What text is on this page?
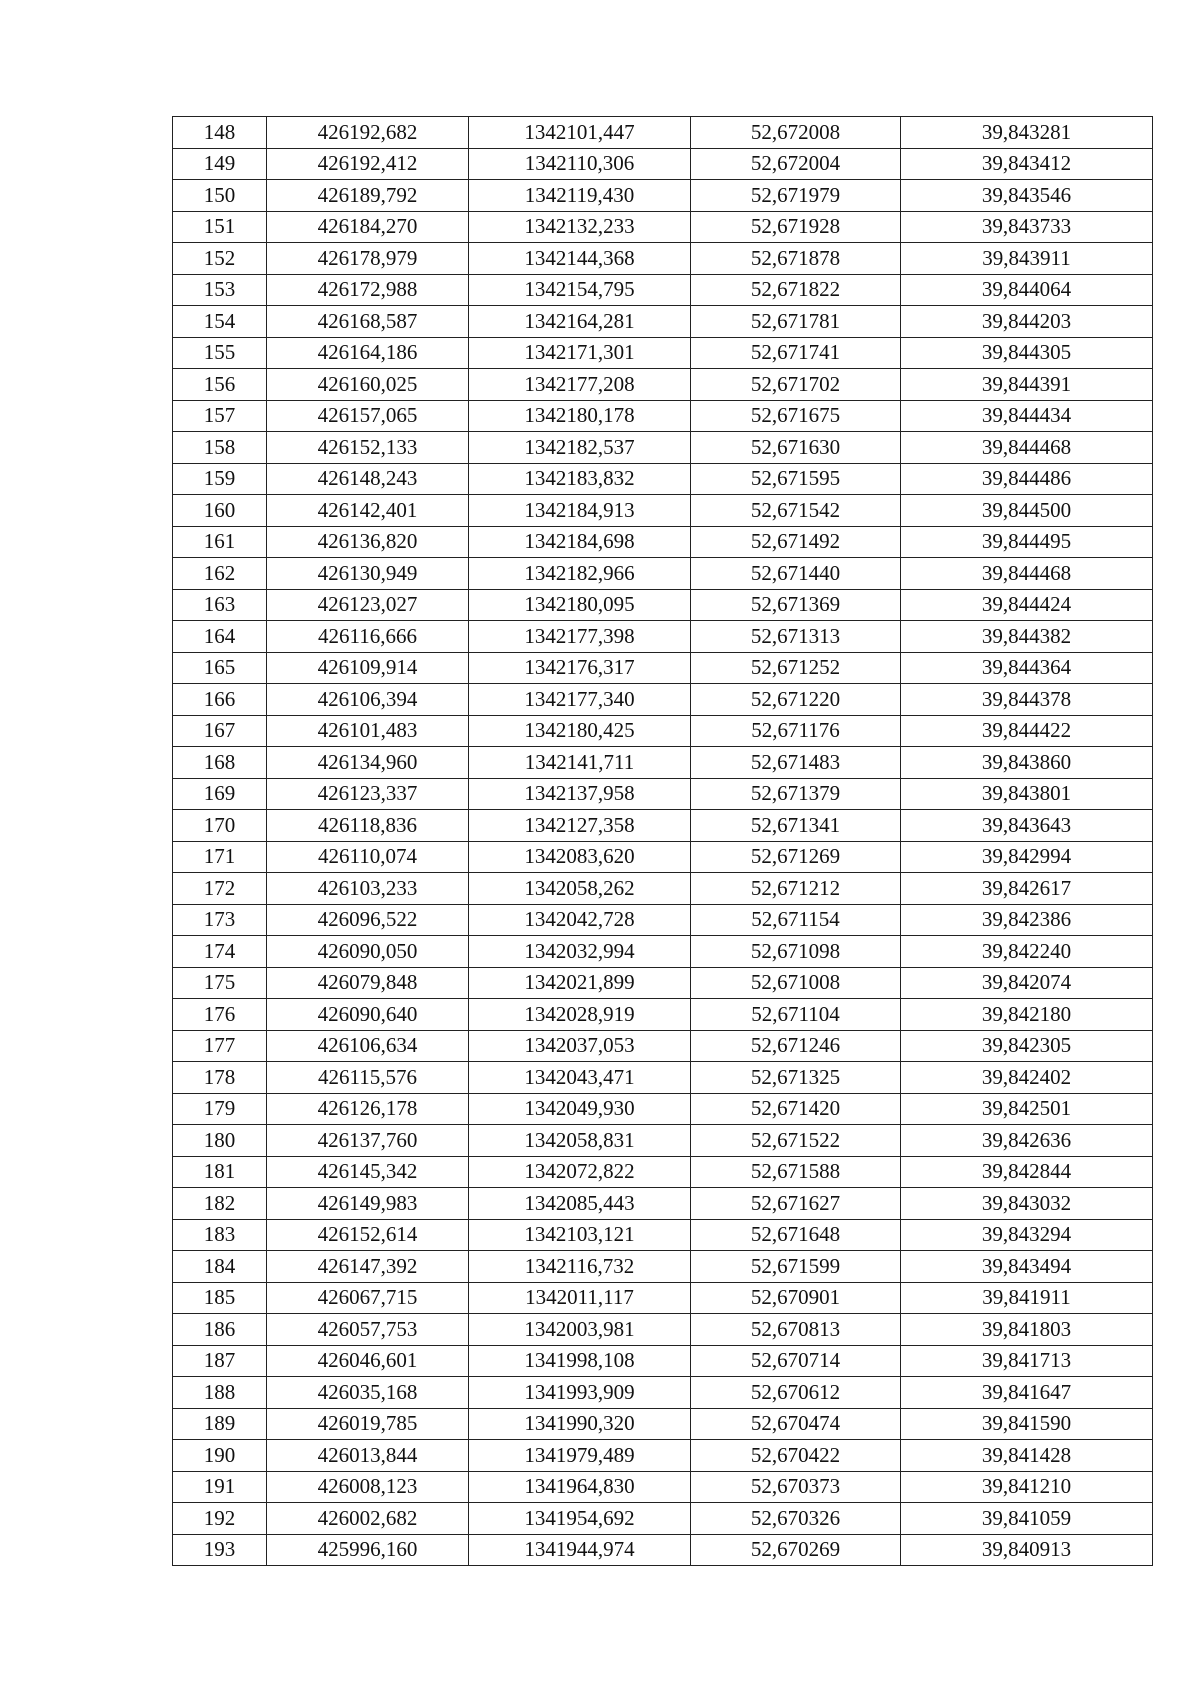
148	426192,682	1342101,447	52,672008	39,843281
149	426192,412	1342110,306	52,672004	39,843412
150	426189,792	1342119,430	52,671979	39,843546
151	426184,270	1342132,233	52,671928	39,843733
152	426178,979	1342144,368	52,671878	39,843911
153	426172,988	1342154,795	52,671822	39,844064
154	426168,587	1342164,281	52,671781	39,844203
155	426164,186	1342171,301	52,671741	39,844305
156	426160,025	1342177,208	52,671702	39,844391
157	426157,065	1342180,178	52,671675	39,844434
158	426152,133	1342182,537	52,671630	39,844468
159	426148,243	1342183,832	52,671595	39,844486
160	426142,401	1342184,913	52,671542	39,844500
161	426136,820	1342184,698	52,671492	39,844495
162	426130,949	1342182,966	52,671440	39,844468
163	426123,027	1342180,095	52,671369	39,844424
164	426116,666	1342177,398	52,671313	39,844382
165	426109,914	1342176,317	52,671252	39,844364
166	426106,394	1342177,340	52,671220	39,844378
167	426101,483	1342180,425	52,671176	39,844422
168	426134,960	1342141,711	52,671483	39,843860
169	426123,337	1342137,958	52,671379	39,843801
170	426118,836	1342127,358	52,671341	39,843643
171	426110,074	1342083,620	52,671269	39,842994
172	426103,233	1342058,262	52,671212	39,842617
173	426096,522	1342042,728	52,671154	39,842386
174	426090,050	1342032,994	52,671098	39,842240
175	426079,848	1342021,899	52,671008	39,842074
176	426090,640	1342028,919	52,671104	39,842180
177	426106,634	1342037,053	52,671246	39,842305
178	426115,576	1342043,471	52,671325	39,842402
179	426126,178	1342049,930	52,671420	39,842501
180	426137,760	1342058,831	52,671522	39,842636
181	426145,342	1342072,822	52,671588	39,842844
182	426149,983	1342085,443	52,671627	39,843032
183	426152,614	1342103,121	52,671648	39,843294
184	426147,392	1342116,732	52,671599	39,843494
185	426067,715	1342011,117	52,670901	39,841911
186	426057,753	1342003,981	52,670813	39,841803
187	426046,601	1341998,108	52,670714	39,841713
188	426035,168	1341993,909	52,670612	39,841647
189	426019,785	1341990,320	52,670474	39,841590
190	426013,844	1341979,489	52,670422	39,841428
191	426008,123	1341964,830	52,670373	39,841210
192	426002,682	1341954,692	52,670326	39,841059
193	425996,160	1341944,974	52,670269	39,840913
